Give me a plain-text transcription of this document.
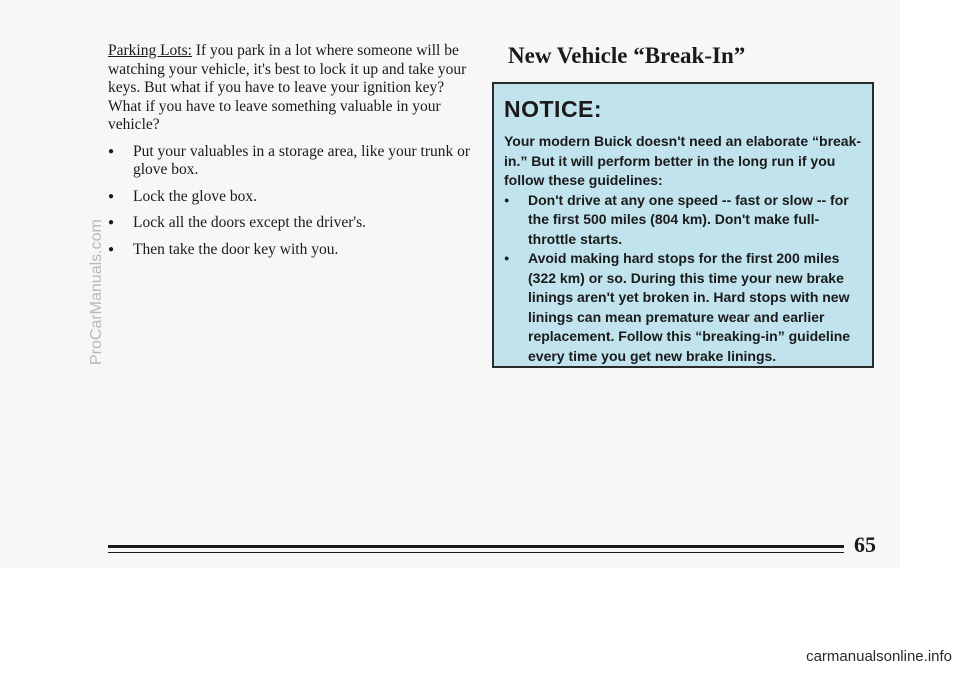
Parking Lots: If you park in a lot where someone will be watching your vehicle, it's best to lock it up and take your keys. But what if you have to leave your ignition key? What if you have to leave something valuable in your vehicle?

● Put your valuables in a storage area, like your trunk or glove box.
● Lock the glove box.
● Lock all the doors except the driver's.
● Then take the door key with you.
New Vehicle “Break-In”
NOTICE:

Your modern Buick doesn't need an elaborate “break-in.” But it will perform better in the long run if you follow these guidelines:

● Don't drive at any one speed -- fast or slow -- for the first 500 miles (804 km). Don't make full-throttle starts.
● Avoid making hard stops for the first 200 miles (322 km) or so. During this time your new brake linings aren't yet broken in. Hard stops with new linings can mean premature wear and earlier replacement. Follow this “breaking-in” guideline every time you get new brake linings.

65

ProCarManuals.com
carmanualsonline.info
